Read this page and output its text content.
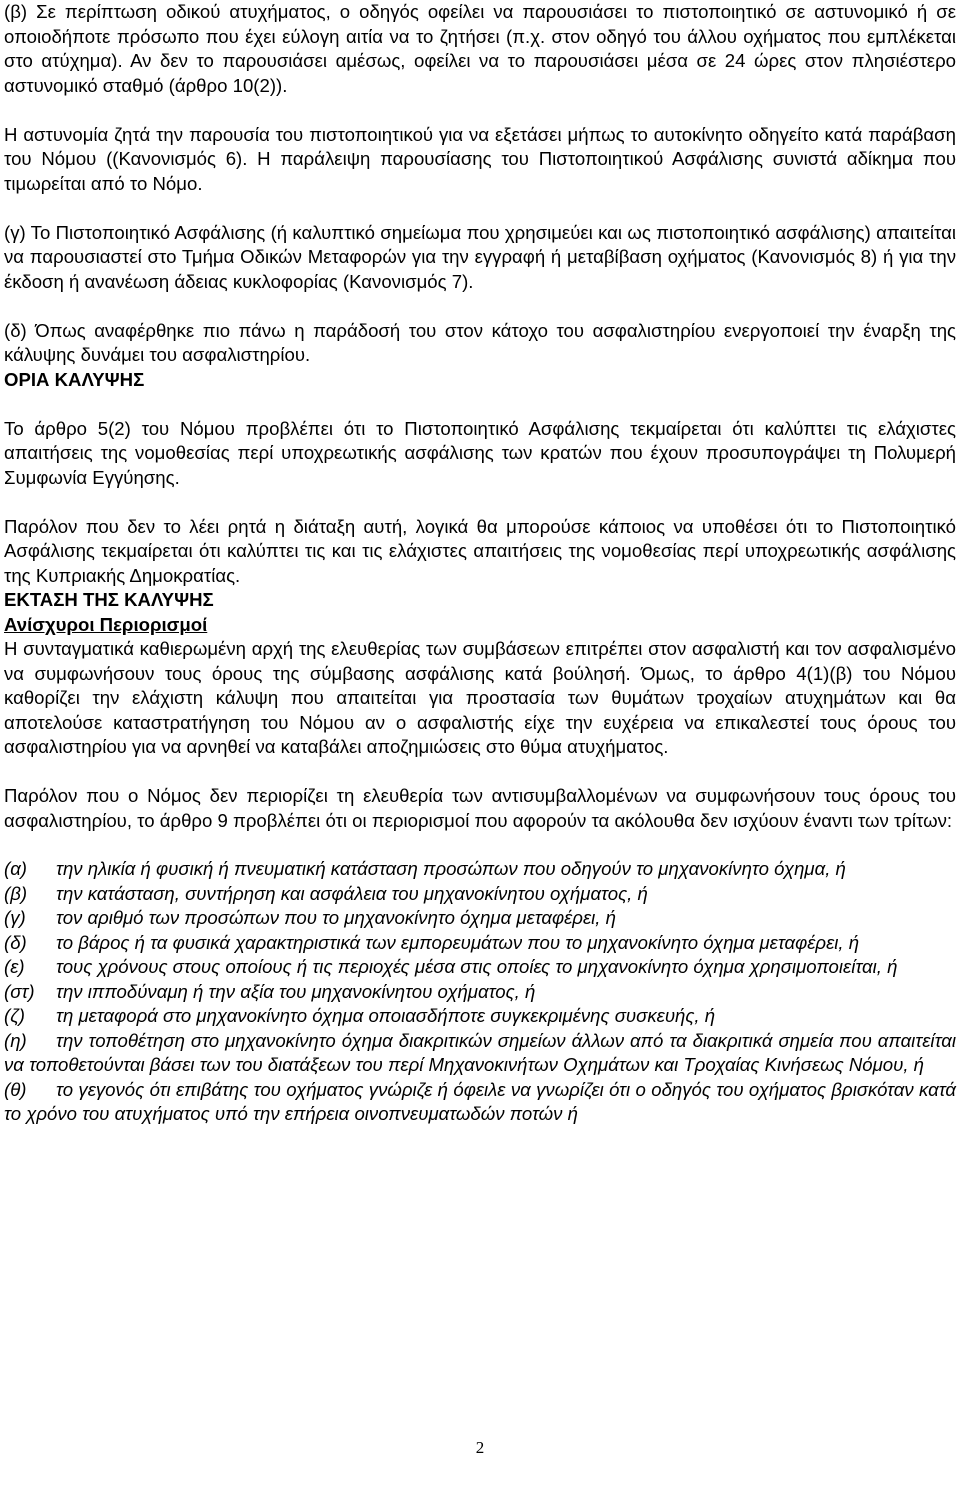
(β) Σε περίπτωση οδικού ατυχήματος, ο οδηγός οφείλει να παρουσιάσει το πιστοποιητικό σε αστυνομικό ή σε οποιοδήποτε πρόσωπο που έχει εύλογη αιτία να το ζητήσει (π.χ. στον οδηγό του άλλου οχήματος που εμπλέκεται στο ατύχημα). Αν δεν το παρουσιάσει αμέσως, οφείλει να το παρουσιάσει μέσα σε 24 ώρες στον πλησιέστερο αστυνομικό σταθμό (άρθρο 10(2)).

Η αστυνομία ζητά την παρουσία του πιστοποιητικού για να εξετάσει μήπως το αυτοκίνητο οδηγείτο κατά παράβαση του Νόμου ((Κανονισμός 6). Η παράλειψη παρουσίασης του Πιστοποιητικού Ασφάλισης συνιστά αδίκημα που τιμωρείται από το Νόμο.

(γ) Το Πιστοποιητικό Ασφάλισης (ή καλυπτικό σημείωμα που χρησιμεύει και ως πιστοποιητικό ασφάλισης) απαιτείται να παρουσιαστεί στο Τμήμα Οδικών Μεταφορών για την εγγραφή ή μεταβίβαση οχήματος (Κανονισμός 8) ή για την έκδοση ή ανανέωση άδειας κυκλοφορίας (Κανονισμός 7).

(δ) Όπως αναφέρθηκε πιο πάνω η παράδοσή του στον κάτοχο του ασφαλιστηρίου ενεργοποιεί την έναρξη της κάλυψης δυνάμει του ασφαλιστηρίου.

ΟΡΙΑ ΚΑΛΥΨΗΣ

Το άρθρο 5(2) του Νόμου προβλέπει ότι το Πιστοποιητικό Ασφάλισης τεκμαίρεται ότι καλύπτει τις ελάχιστες απαιτήσεις της νομοθεσίας περί υποχρεωτικής ασφάλισης των κρατών που έχουν προσυπογράψει τη Πολυμερή Συμφωνία Εγγύησης.

Παρόλον που δεν το λέει ρητά η διάταξη αυτή, λογικά θα μπορούσε κάποιος να υποθέσει ότι το Πιστοποιητικό Ασφάλισης τεκμαίρεται ότι καλύπτει τις και τις ελάχιστες απαιτήσεις της νομοθεσίας περί υποχρεωτικής ασφάλισης της Κυπριακής Δημοκρατίας.

ΕΚΤΑΣΗ ΤΗΣ ΚΑΛΥΨΗΣ

Ανίσχυροι Περιορισμοί

Η συνταγματικά καθιερωμένη αρχή της ελευθερίας των συμβάσεων επιτρέπει στον ασφαλιστή και τον ασφαλισμένο να συμφωνήσουν τους όρους της σύμβασης ασφάλισης κατά βούλησή. Όμως, το άρθρο 4(1)(β) του Νόμου καθορίζει την ελάχιστη κάλυψη που απαιτείται για προστασία των θυμάτων τροχαίων ατυχημάτων και θα αποτελούσε καταστρατήγηση του Νόμου αν ο ασφαλιστής είχε την ευχέρεια να επικαλεστεί τους όρους του ασφαλιστηρίου για να αρνηθεί να καταβάλει αποζημιώσεις στο θύμα ατυχήματος.

Παρόλον που ο Νόμος δεν περιορίζει τη ελευθερία των αντισυμβαλλομένων να συμφωνήσουν τους όρους του ασφαλιστηρίου, το άρθρο 9 προβλέπει ότι οι περιορισμοί που αφορούν τα ακόλουθα δεν ισχύουν έναντι των τρίτων:

(α) την ηλικία ή φυσική ή πνευματική κατάσταση προσώπων που οδηγούν το μηχανοκίνητο όχημα, ή

(β) την κατάσταση, συντήρηση και ασφάλεια του μηχανοκίνητου οχήματος, ή

(γ) τον αριθμό των προσώπων που το μηχανοκίνητο όχημα μεταφέρει, ή

(δ) το βάρος ή τα φυσικά χαρακτηριστικά των εμπορευμάτων που το μηχανοκίνητο όχημα μεταφέρει, ή

(ε) τους χρόνους στους οποίους ή τις περιοχές μέσα στις οποίες το μηχανοκίνητο όχημα χρησιμοποιείται, ή

(στ) την ιπποδύναμη ή την αξία του μηχανοκίνητου οχήματος, ή

(ζ) τη μεταφορά στο μηχανοκίνητο όχημα οποιασδήποτε συγκεκριμένης συσκευής, ή

(η) την τοποθέτηση στο μηχανοκίνητο όχημα διακριτικών σημείων άλλων από τα διακριτικά σημεία που απαιτείται να τοποθετούνται βάσει των του διατάξεων του περί Μηχανοκινήτων Οχημάτων και Τροχαίας Κινήσεως Νόμου, ή

(θ) το γεγονός ότι επιβάτης του οχήματος γνώριζε ή όφειλε να γνωρίζει ότι ο οδηγός του οχήματος βρισκόταν κατά το χρόνο του ατυχήματος υπό την επήρεια οινοπνευματωδών ποτών ή

2
